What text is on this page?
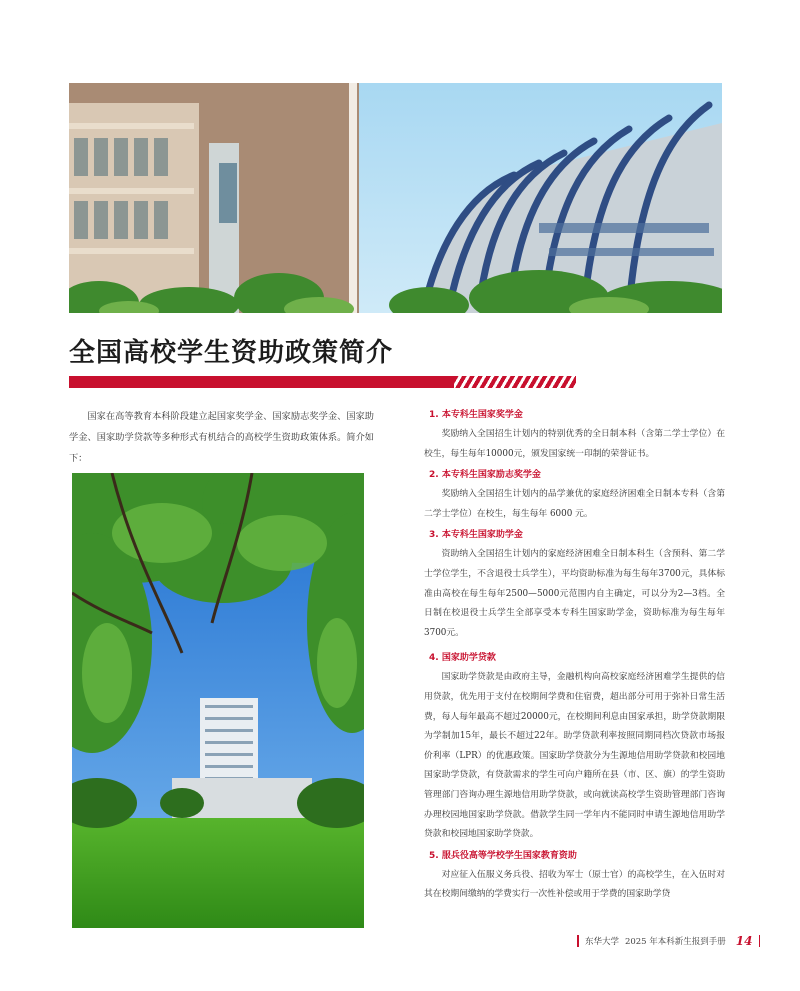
全国高校学生资助政策简介
国家在高等教育本科阶段建立起国家奖学金、国家励志奖学金、国家助学金、国家助学贷款等多种形式有机结合的高校学生资助政策体系。简介如下：
1. 本专科生国家奖学金
奖励纳入全国招生计划内的特别优秀的全日制本科（含第二学士学位）在校生，每生每年10000元，颁发国家统一印制的荣誉证书。
2. 本专科生国家励志奖学金
奖励纳入全国招生计划内的品学兼优的家庭经济困难全日制本专科（含第二学士学位）在校生，每生每年 6000 元。
3. 本专科生国家助学金
资助纳入全国招生计划内的家庭经济困难全日制本科生（含预科、第二学士学位学生，不含退役士兵学生），平均资助标准为每生每年3700元，具体标准由高校在每生每年2500—5000元范围内自主确定，可以分为2—3档。全日制在校退役士兵学生全部享受本专科生国家助学金，资助标准为每生每年3700元。
4. 国家助学贷款
国家助学贷款是由政府主导，金融机构向高校家庭经济困难学生提供的信用贷款，优先用于支付在校期间学费和住宿费，超出部分可用于弥补日常生活费，每人每年最高不超过20000元，在校期间利息由国家承担，助学贷款期限为学制加15年，最长不超过22年。助学贷款利率按照同期同档次贷款市场报价利率（LPR）的优惠政策。国家助学贷款分为生源地信用助学贷款和校园地国家助学贷款，有贷款需求的学生可向户籍所在县（市、区、旗）的学生资助管理部门咨询办理生源地信用助学贷款，或向就读高校学生资助管理部门咨询办理校园地国家助学贷款。借款学生同一学年内不能同时申请生源地信用助学贷款和校园地国家助学贷款。
5. 服兵役高等学校学生国家教育资助
对应征入伍服义务兵役、招收为军士（原士官）的高校学生，在入伍时对其在校期间缴纳的学费实行一次性补偿或用于学费的国家助学贷
东华大学 2025 年本科新生报到手册 14
